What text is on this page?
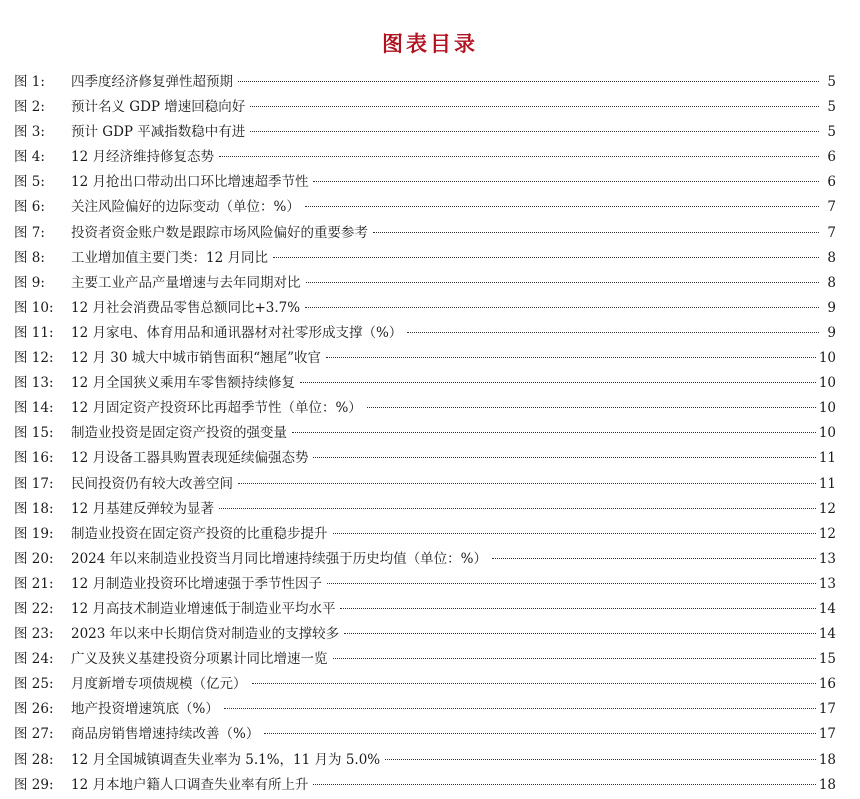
图表目录
图 1:	四季度经济修复弹性超预期	5
图 2:	预计名义 GDP 增速回稳向好	5
图 3:	预计 GDP 平减指数稳中有进	5
图 4:	12 月经济维持修复态势	6
图 5:	12 月抢出口带动出口环比增速超季节性	6
图 6:	关注风险偏好的边际变动（单位：%）	7
图 7:	投资者资金账户数是跟踪市场风险偏好的重要参考	7
图 8:	工业增加值主要门类：12 月同比	8
图 9:	主要工业产品产量增速与去年同期对比	8
图 10:	12 月社会消费品零售总额同比+3.7%	9
图 11:	12 月家电、体育用品和通讯器材对社零形成支撑（%）	9
图 12:	12 月 30 城大中城市销售面积“翘尾”收官	10
图 13:	12 月全国狭义乘用车零售额持续修复	10
图 14:	12 月固定资产投资环比再超季节性（单位：%）	10
图 15:	制造业投资是固定资产投资的强变量	10
图 16:	12 月设备工器具购置表现延续偏强态势	11
图 17:	民间投资仍有较大改善空间	11
图 18:	12 月基建反弹较为显著	12
图 19:	制造业投资在固定资产投资的比重稳步提升	12
图 20:	2024 年以来制造业投资当月同比增速持续强于历史均值（单位：%）	13
图 21:	12 月制造业投资环比增速强于季节性因子	13
图 22:	12 月高技术制造业增速低于制造业平均水平	14
图 23:	2023 年以来中长期信贷对制造业的支撑较多	14
图 24:	广义及狭义基建投资分项累计同比增速一览	15
图 25:	月度新增专项债规模（亿元）	16
图 26:	地产投资增速筑底（%）	17
图 27:	商品房销售增速持续改善（%）	17
图 28:	12 月全国城镇调查失业率为 5.1%，11 月为 5.0%	18
图 29:	12 月本地户籍人口调查失业率有所上升	18
